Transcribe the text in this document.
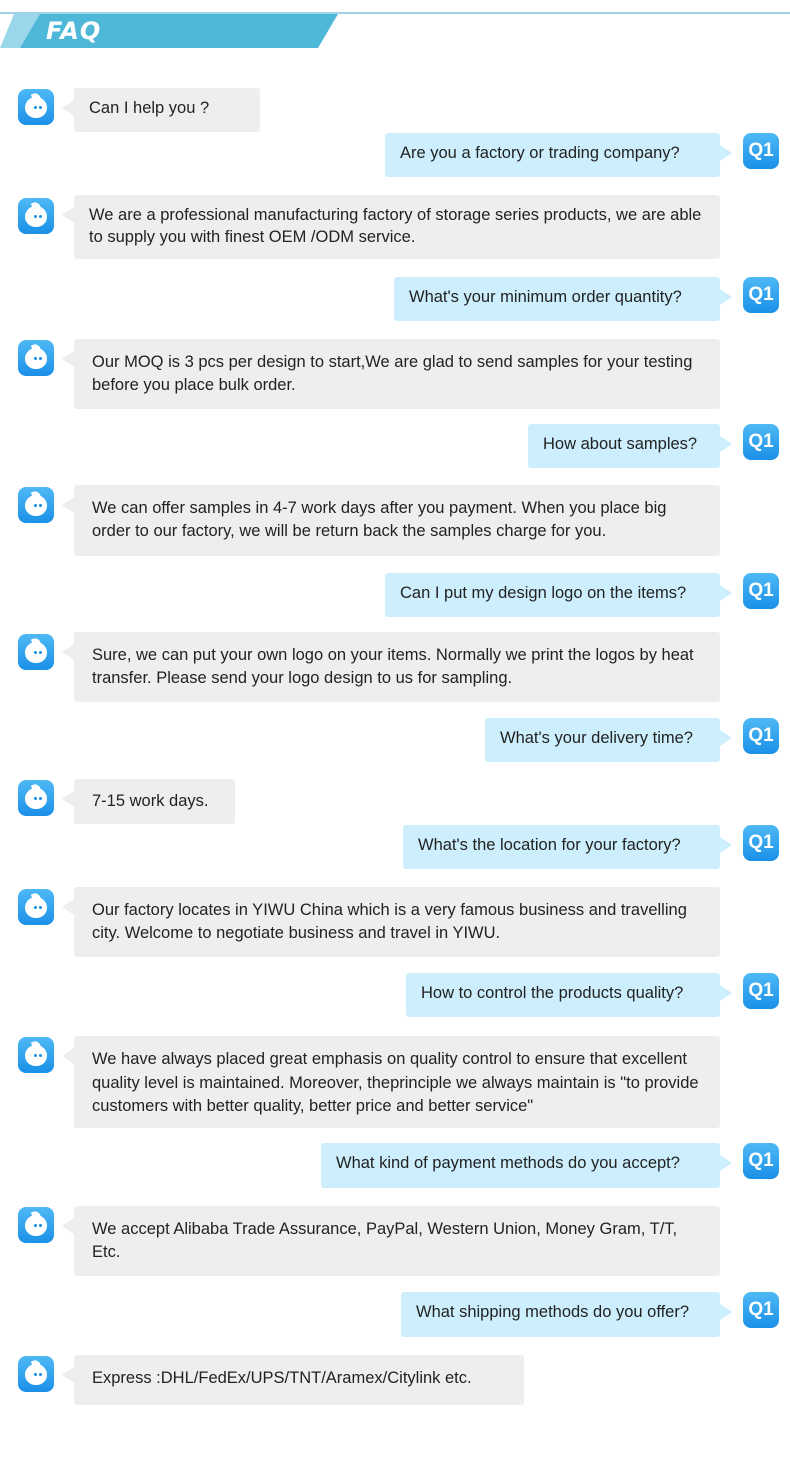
FAQ
Can I help you ?
Q1
Are you a factory or trading company?
We are a professional manufacturing factory of storage series products, we are able to supply you with finest OEM /ODM service.
Q1
What's your minimum order quantity?
Our MOQ is 3 pcs per design to start,We are glad to send samples for your testing before you place bulk order.
Q1
How about samples?
We can offer samples in 4-7 work days after you payment. When you place big order to our factory, we will be return back the samples charge for you.
Q1
Can I put my design logo on the items?
Sure, we can put your own logo on your items. Normally we print the logos by heat transfer. Please send your logo design to us for sampling.
Q1
What's your delivery time?
7-15 work days.
Q1
What's the location for your factory?
Our factory locates in YIWU China which is a very famous business and travelling city. Welcome to negotiate business and travel in YIWU.
Q1
How to control the products quality?
We have always placed great emphasis on quality control to ensure that excellent quality level is maintained. Moreover, theprinciple we always maintain is "to provide customers with better quality, better price and better service"
Q1
What kind of payment methods do you accept?
We accept Alibaba Trade Assurance, PayPal, Western Union, Money Gram, T/T, Etc.
Q1
What shipping methods do you offer?
Express :DHL/FedEx/UPS/TNT/Aramex/Citylink etc.
